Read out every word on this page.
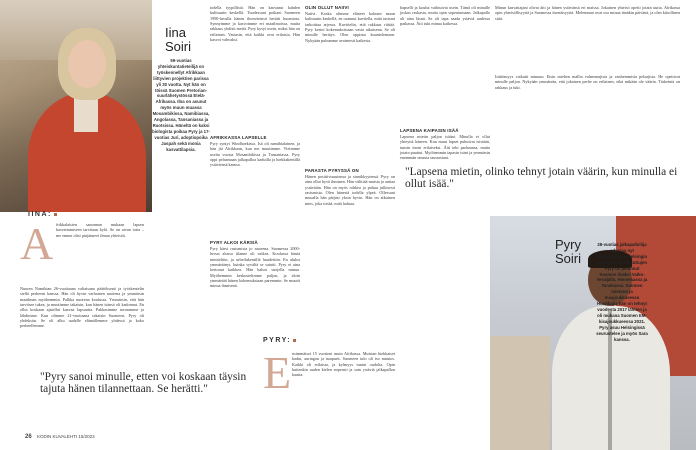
Iina Soiri
59-vuotias yhteiskuntatieteilijä on työskennellyt Afrikkaan liittyvien projektien parissa yli 30 vuotta. Nyt hän on töissä Suomen Pretorian-suurlähetystössä Etelä-Afrikassa. Ilna on asunut myös muun muassa Mosambikissa, Namibiassa, Angolassa, Tansaniassa ja Ruotsissa. Häneltä on kaksi biologista poikaa Pyry ja 17-vuotias Juri, adoptiopoika Jaspah sekä monia kasvattilapsia.
IINA:
A frikkalaisten sanonnan mukaan lapsen kasvattamiseen tarvitaan kylä. Se on aivan totta – me emme olisi pärjänneet ilman yhteisöä.
Nuoren Namibian 26-vuotiaana valtaisana päätöksenä ja työskentelin siellä perheeni kanssa. Hän oli hyvin varhainen nuorena ja ymmärsin maailman myöhemmin. Palkka nuorena koulussa. Ymmärsin, että hän tarvitsee tukea, ja muutimme takaisin, kun hänen isänsä oli kadonnut. En ollut koskaan ajatellut kaavaa lapsuutta. Pakkasimme tavaramme ja lähdimme. Kun olimme 21-vuotiaana takaisin Suomeen, Pyry oli yhdeksän. Se oli alku uudelle elämällemme yhdessä ja koko perheellemme.
"Pyry sanoi minulle, etten voi koskaan täysin tajuta hänen tilannettaan. Se herätti."
todella tyypillistä. Hän on kasvanut kahden kulttuurin keskellä. Tuodessani poikani Suomeen 1990-luvulla hänen ihonvärinsä herätti huomiota. Synnyimme ja kasvoimme eri maailmoissa, mutta rakkaus yhdisti meitä. Pyry kysyi usein, miksi hän on erilainen. Vastasin, että kaikki ovat erilaisia. Hän kasvoi vahvaksi.
AFRIKKASSA LAPSELLE
Pyry syntyi Windhoekissa. Isä oli namibialainen, ja hän jäi Afrikkaan, kun me muutimme. Vietimme useita vuosia Mosambikissa ja Tansaniassa. Pyry oppi pelaamaan jalkapalloa kaduilla ja hiekkakentillä ystäviensä kanssa.
PYRY ALKOI KÄRSIÄ
Pyry kärsi rasismista jo nuorena. Suomessa 2000-luvun alussa tilanne oli vaikea. Koulussa häntä nimiteltiin, ja urheilukentillä huudettiin. En aluksi ymmärtänyt, kuinka syvältä se satutti. Pyry ei aina kertonut kaikkea. Hän halusi suojella minua. Myöhemmin keskustelimme paljon, ja aloin ymmärtää hänen kokemuksiaan paremmin. Se muutti minua ihmisenä.
OLIN OLLUT NAIIVI
Naiivi. Koska olimme eläneet kolmen maan kulttuurin keskellä, en osannut kuvitella, mitä rasismi tarkoittaa arjessa. Kuvittelin, että rakkaus riittää. Pyry kertoi kokemuksistaan vasta aikuisena. Se oli minulle herätys. Olen oppinut kuuntelemaan. Nykyään puhumme avoimesti kaikesta.
PARASTA PYRYSSÄ ON
Hänen positiivisuutensa ja sinnikkyytensä. Pyry on aina ollut hyvä ihminen. Hän välittää muista ja auttaa ystäviään. Hän on myös rohkea ja puhuu julkisesti rasismista. Olen hänestä todella ylpeä. Ollessani muualla hän pärjäsi yksin hyvin. Hän on aikuinen mies, joka tietää, mitä haluaa.
PYRY:
E nsimmäiset 15 vuotteni asuin Afrikassa. Muistan hiekkaiset kadut, auringon ja naapurit. Suomeen tulo oli iso muutos. Kaikki oli erilaista, ja kylmyys tuntui oudolta. Opin kuitenkin uuden kielen nopeasti ja sain ystäviä jalkapallon kautta.
hapsellt ja koulut vaihtuivat usein. Tämä oli minulle joskus raskasta, mutta opin sopeutumaan. Jalkapallo oli aina läsnä. Se oli tapa saada ystäviä uudessa paikassa. Äiti tuki minua kaikessa.
LAPSENA KAIPASIN ISÄÄ
Lapsena mietin paljon isääni. Minulla ei ollut yhteyttä häneen. Kun muut lapset puhuivat isistään, tunsin itseni erilaiseksi. Äiti teki parhaansa, mutta jotain puuttui. Myöhemmin tapasin isäni ja ymmärsin enemmän omasta taustastani.
Minun kasvattajani olivat äiti ja hänen ystävänsä eri maissa. Jokainen yhteisö opetti jotain uutta. Afrikassa opin yhteisöllisyyttä ja Suomessa itsenäisyyttä. Molemmat ovat osa minua tänäkin päivänä, ja olen kiitollinen siitä.
Isättömyys vaikutti minuun. Etsin miehen mallia valmentajista ja vanhemmista pelaajista. He opettivat minulle paljon. Nykyään ymmärrän, että jokainen perhe on erilainen, eikä mikään ole väärin. Tärkeintä on rakkaus ja tuki.
"Lapsena mietin, olinko tehnyt jotain väärin, kun minulla ei ollut isää."
Pyry Soiri
28-vuotias jalkapalloilija edustaa nyt Veikkausliigan Helsingin Jalkapalloklubia tuttujen Pyry on pelannut Suomen lisäksi Valko-Venäjällä, Hinnelsassa ja Tanskassa. Suomen mietoon ja maajoukkueessa Huuhkajia hän on tehnyt vuodesta 2017 lähtien ja oli mukana Suomen EM-kisajoukkueessa 2021. Pyry asuu Helsingissä seurustelee ja myös Sara kanssa.
26 KODIN KUVALEHTI 15/2023
